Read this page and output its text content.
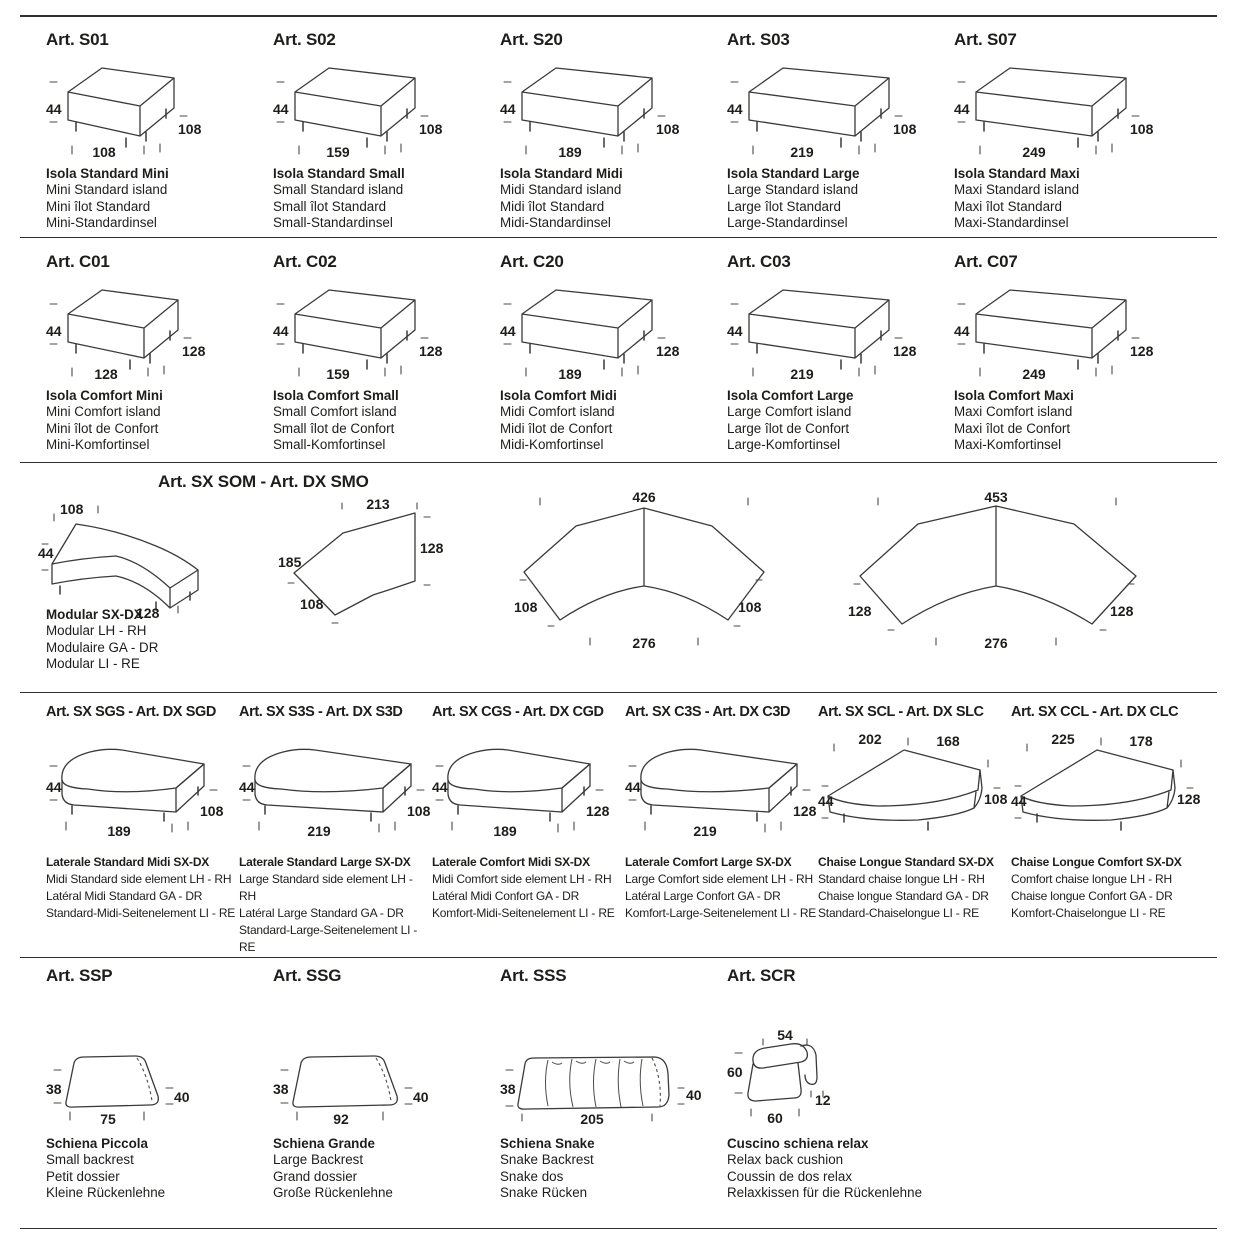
Art. S01
44
108
108

Isola Standard Mini

Mini Standard island

Mini îlot Standard

Mini-Standardinsel

Art. S02
44
159
108

Isola Standard Small

Small Standard island

Small îlot Standard

Small-Standardinsel

Art. S20
44
189
108

Isola Standard Midi

Midi Standard island

Midi îlot Standard

Midi-Standardinsel

Art. S03
44
219
108

Isola Standard Large

Large Standard island

Large îlot Standard

Large-Standardinsel

Art. S07
44
249
108

Isola Standard Maxi

Maxi Standard island

Maxi îlot Standard

Maxi-Standardinsel

Art. C01
44
128
128

Isola Comfort Mini

Mini Comfort island

Mini îlot de Confort

Mini-Komfortinsel

Art. C02
44
159
128

Isola Comfort Small

Small Comfort island

Small îlot de Confort

Small-Komfortinsel

Art. C20
44
189
128

Isola Comfort Midi

Midi Comfort island

Midi îlot de Confort

Midi-Komfortinsel

Art. C03
44
219
128

Isola Comfort Large

Large Comfort island

Large îlot de Confort

Large-Komfortinsel

Art. C07
44
249
128

Isola Comfort Maxi

Maxi Comfort island

Maxi îlot de Confort

Maxi-Komfortinsel

Art. SX SOM - Art. DX SMO
108
44
128
213
128
185
108
426
108	108
276
453
128	128
276

Modular SX-DX

Modular LH - RH

Modulaire GA - DR

Modular LI - RE

Art. SX SGS - Art. DX SGD
44
189
108

Laterale Standard Midi SX-DX

Midi Standard side element LH - RH

Latéral Midi Standard GA - DR

Standard-Midi-Seitenelement LI - RE

Art. SX S3S - Art. DX S3D
44
219
108

Laterale Standard Large SX-DX

Large Standard side element LH - RH

Latéral Large Standard GA - DR

Standard-Large-Seitenelement LI - RE

Art. SX CGS - Art. DX CGD
44
189
128

Laterale Comfort Midi SX-DX

Midi Comfort side element LH - RH

Latéral Midi Confort GA - DR

Komfort-Midi-Seitenelement LI - RE

Art. SX C3S - Art. DX C3D
44
219
128

Laterale Comfort Large SX-DX

Large Comfort side element LH - RH

Latéral Large Confort GA - DR

Komfort-Large-Seitenelement LI - RE

Art. SX SCL - Art. DX SLC
202	168
44	108

Chaise Longue Standard SX-DX

Standard chaise longue LH - RH

Chaise longue Standard GA - DR

Standard-Chaiselongue LI - RE

Art. SX CCL - Art. DX CLC
225	178
44	128

Chaise Longue Comfort SX-DX

Comfort chaise longue LH - RH

Chaise longue Confort GA - DR

Komfort-Chaiselongue LI - RE

Art. SSP
38
75
40

Schiena Piccola

Small backrest

Petit dossier

Kleine Rückenlehne

Art. SSG
38
92
40

Schiena Grande

Large Backrest

Grand dossier

Große Rückenlehne

Art. SSS
38
205
40

Schiena Snake

Snake Backrest

Snake dos

Snake Rücken

Art. SCR
54
60
12
60

Cuscino schiena relax

Relax back cushion

Coussin de dos relax

Relaxkissen für die Rückenlehne
